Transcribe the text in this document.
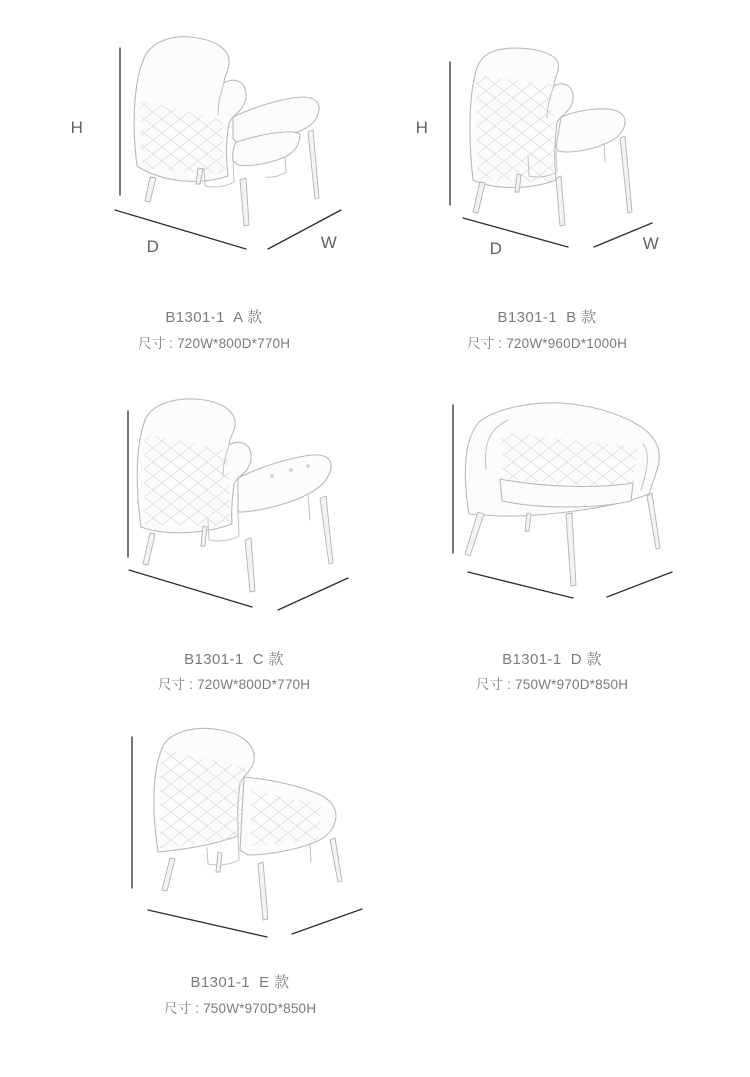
H
D	W
H
D	W
B1301-1  A 款
尺寸 : 720W*800D*770H
B1301-1  B 款
尺寸 : 720W*960D*1000H
B1301-1  C 款
尺寸 : 720W*800D*770H
B1301-1  D 款
尺寸 : 750W*970D*850H
B1301-1  E 款
尺寸 : 750W*970D*850H
